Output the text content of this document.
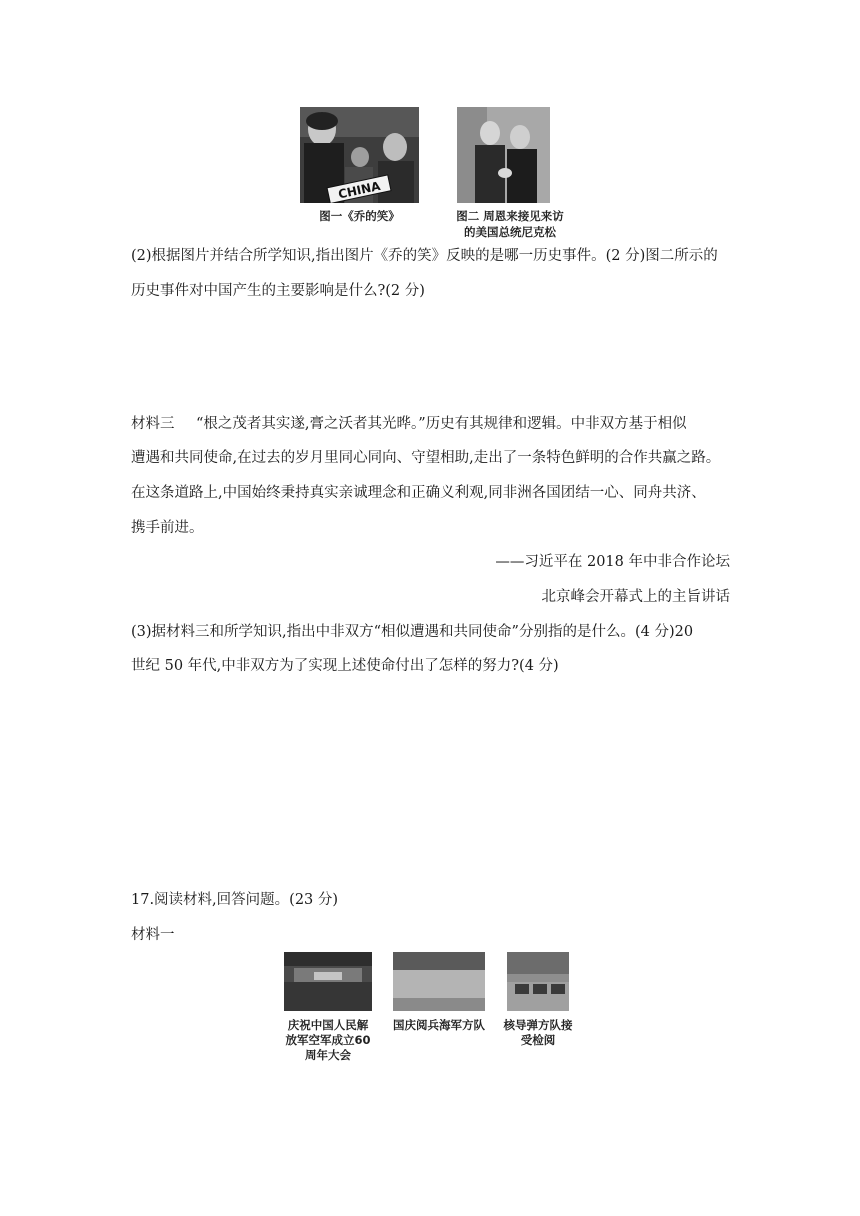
CHINA
图一《乔的笑》	图二 周恩来接见来访
的美国总统尼克松
(2)根据图片并结合所学知识,指出图片《乔的笑》反映的是哪一历史事件。(2 分)图二所示的
历史事件对中国产生的主要影响是什么?(2 分)
材料三 “根之茂者其实遂,膏之沃者其光晔。”历史有其规律和逻辑。中非双方基于相似
遭遇和共同使命,在过去的岁月里同心同向、守望相助,走出了一条特色鲜明的合作共赢之路。
在这条道路上,中国始终秉持真实亲诚理念和正确义利观,同非洲各国团结一心、同舟共济、
携手前进。
——习近平在 2018 年中非合作论坛
北京峰会开幕式上的主旨讲话
(3)据材料三和所学知识,指出中非双方“相似遭遇和共同使命”分别指的是什么。(4 分)20
世纪 50 年代,中非双方为了实现上述使命付出了怎样的努力?(4 分)
17.阅读材料,回答问题。(23 分)
材料一
庆祝中国人民解
放军空军成立60
周年大会
国庆阅兵海军方队	核导弹方队接
受检阅
